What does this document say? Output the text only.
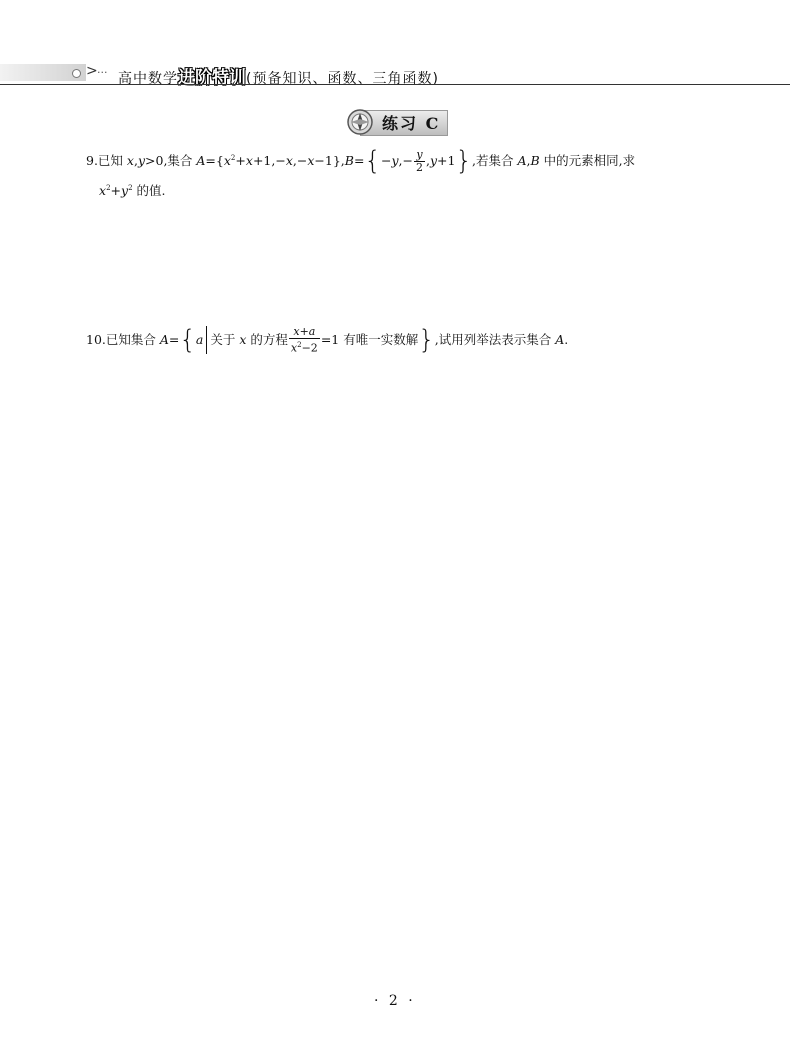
> ··· 高中数学进阶特训(预备知识、函数、三角函数)
练习 C
9.已知 x,y>0,集合 $A=\{x^2+x+1,-x,-x-1\},B=\{-y,- \frac{y}{2} ,y+1\}$,若集合 A,B 中的元素相同,求
$x^2+y^2$ 的值.
10.已知集合 A={a 关于 x 的方程 $\frac{x+a}{x^2-2} =1$ 有唯一实数解},试用列举法表示集合 A.
· 2 ·
